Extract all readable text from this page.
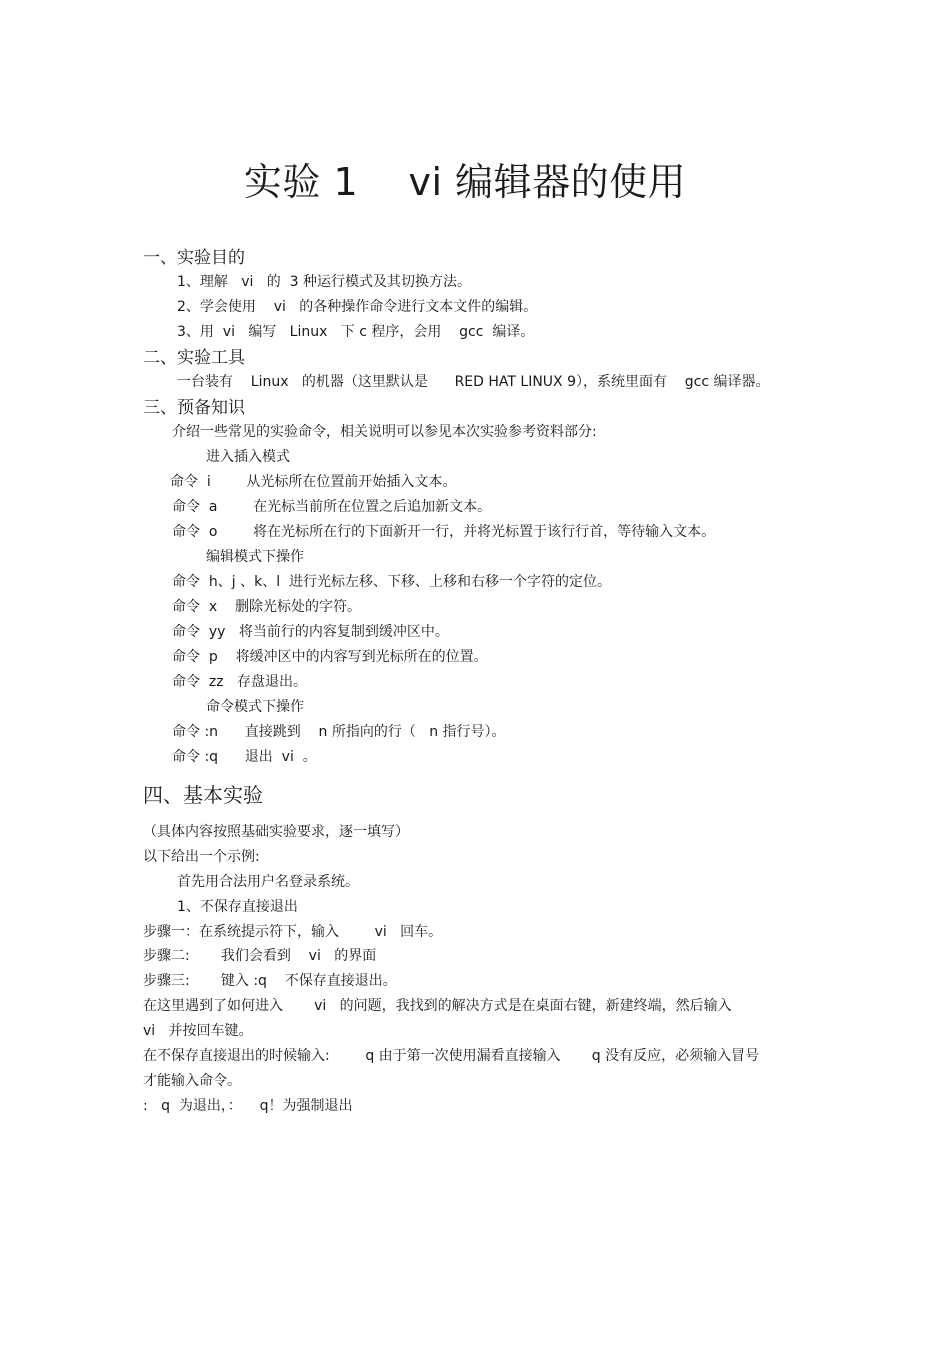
实验 1    vi 编辑器的使用
一、实验目的
1、理解   vi   的  3 种运行模式及其切换方法。
2、学会使用    vi   的各种操作命令进行文本文件的编辑。
3、用  vi   编写   Linux   下 c 程序，会用    gcc  编译。
二、实验工具
一台装有    Linux   的机器（这里默认是      RED HAT LINUX 9），系统里面有    gcc 编译器。
三、预备知识
介绍一些常见的实验命令，相关说明可以参见本次实验参考资料部分:
进入插入模式
命令  i        从光标所在位置前开始插入文本。
命令  a        在光标当前所在位置之后追加新文本。
命令  o        将在光标所在行的下面新开一行，并将光标置于该行行首，等待输入文本。
编辑模式下操作
命令  h、j 、k、l  进行光标左移、下移、上移和右移一个字符的定位。
命令  x    删除光标处的字符。
命令  yy   将当前行的内容复制到缓冲区中。
命令  p    将缓冲区中的内容写到光标所在的位置。
命令  zz   存盘退出。
命令模式下操作
命令 :n      直接跳到    n 所指向的行（   n 指行号）。
命令 :q      退出  vi  。
四、基本实验
（具体内容按照基础实验要求，逐一填写）
以下给出一个示例:
首先用合法用户名登录系统。
1、不保存直接退出
步骤一：在系统提示符下，输入        vi   回车。
步骤二:       我们会看到    vi   的界面
步骤三:       键入 :q    不保存直接退出。
在这里遇到了如何进入       vi   的问题，我找到的解决方式是在桌面右键，新建终端，然后输入
vi   并按回车键。
在不保存直接退出的时候输入:        q 由于第一次使用漏看直接输入       q 没有反应，必须输入冒号
才能输入命令。
:   q  为退出，：    q！为强制退出
